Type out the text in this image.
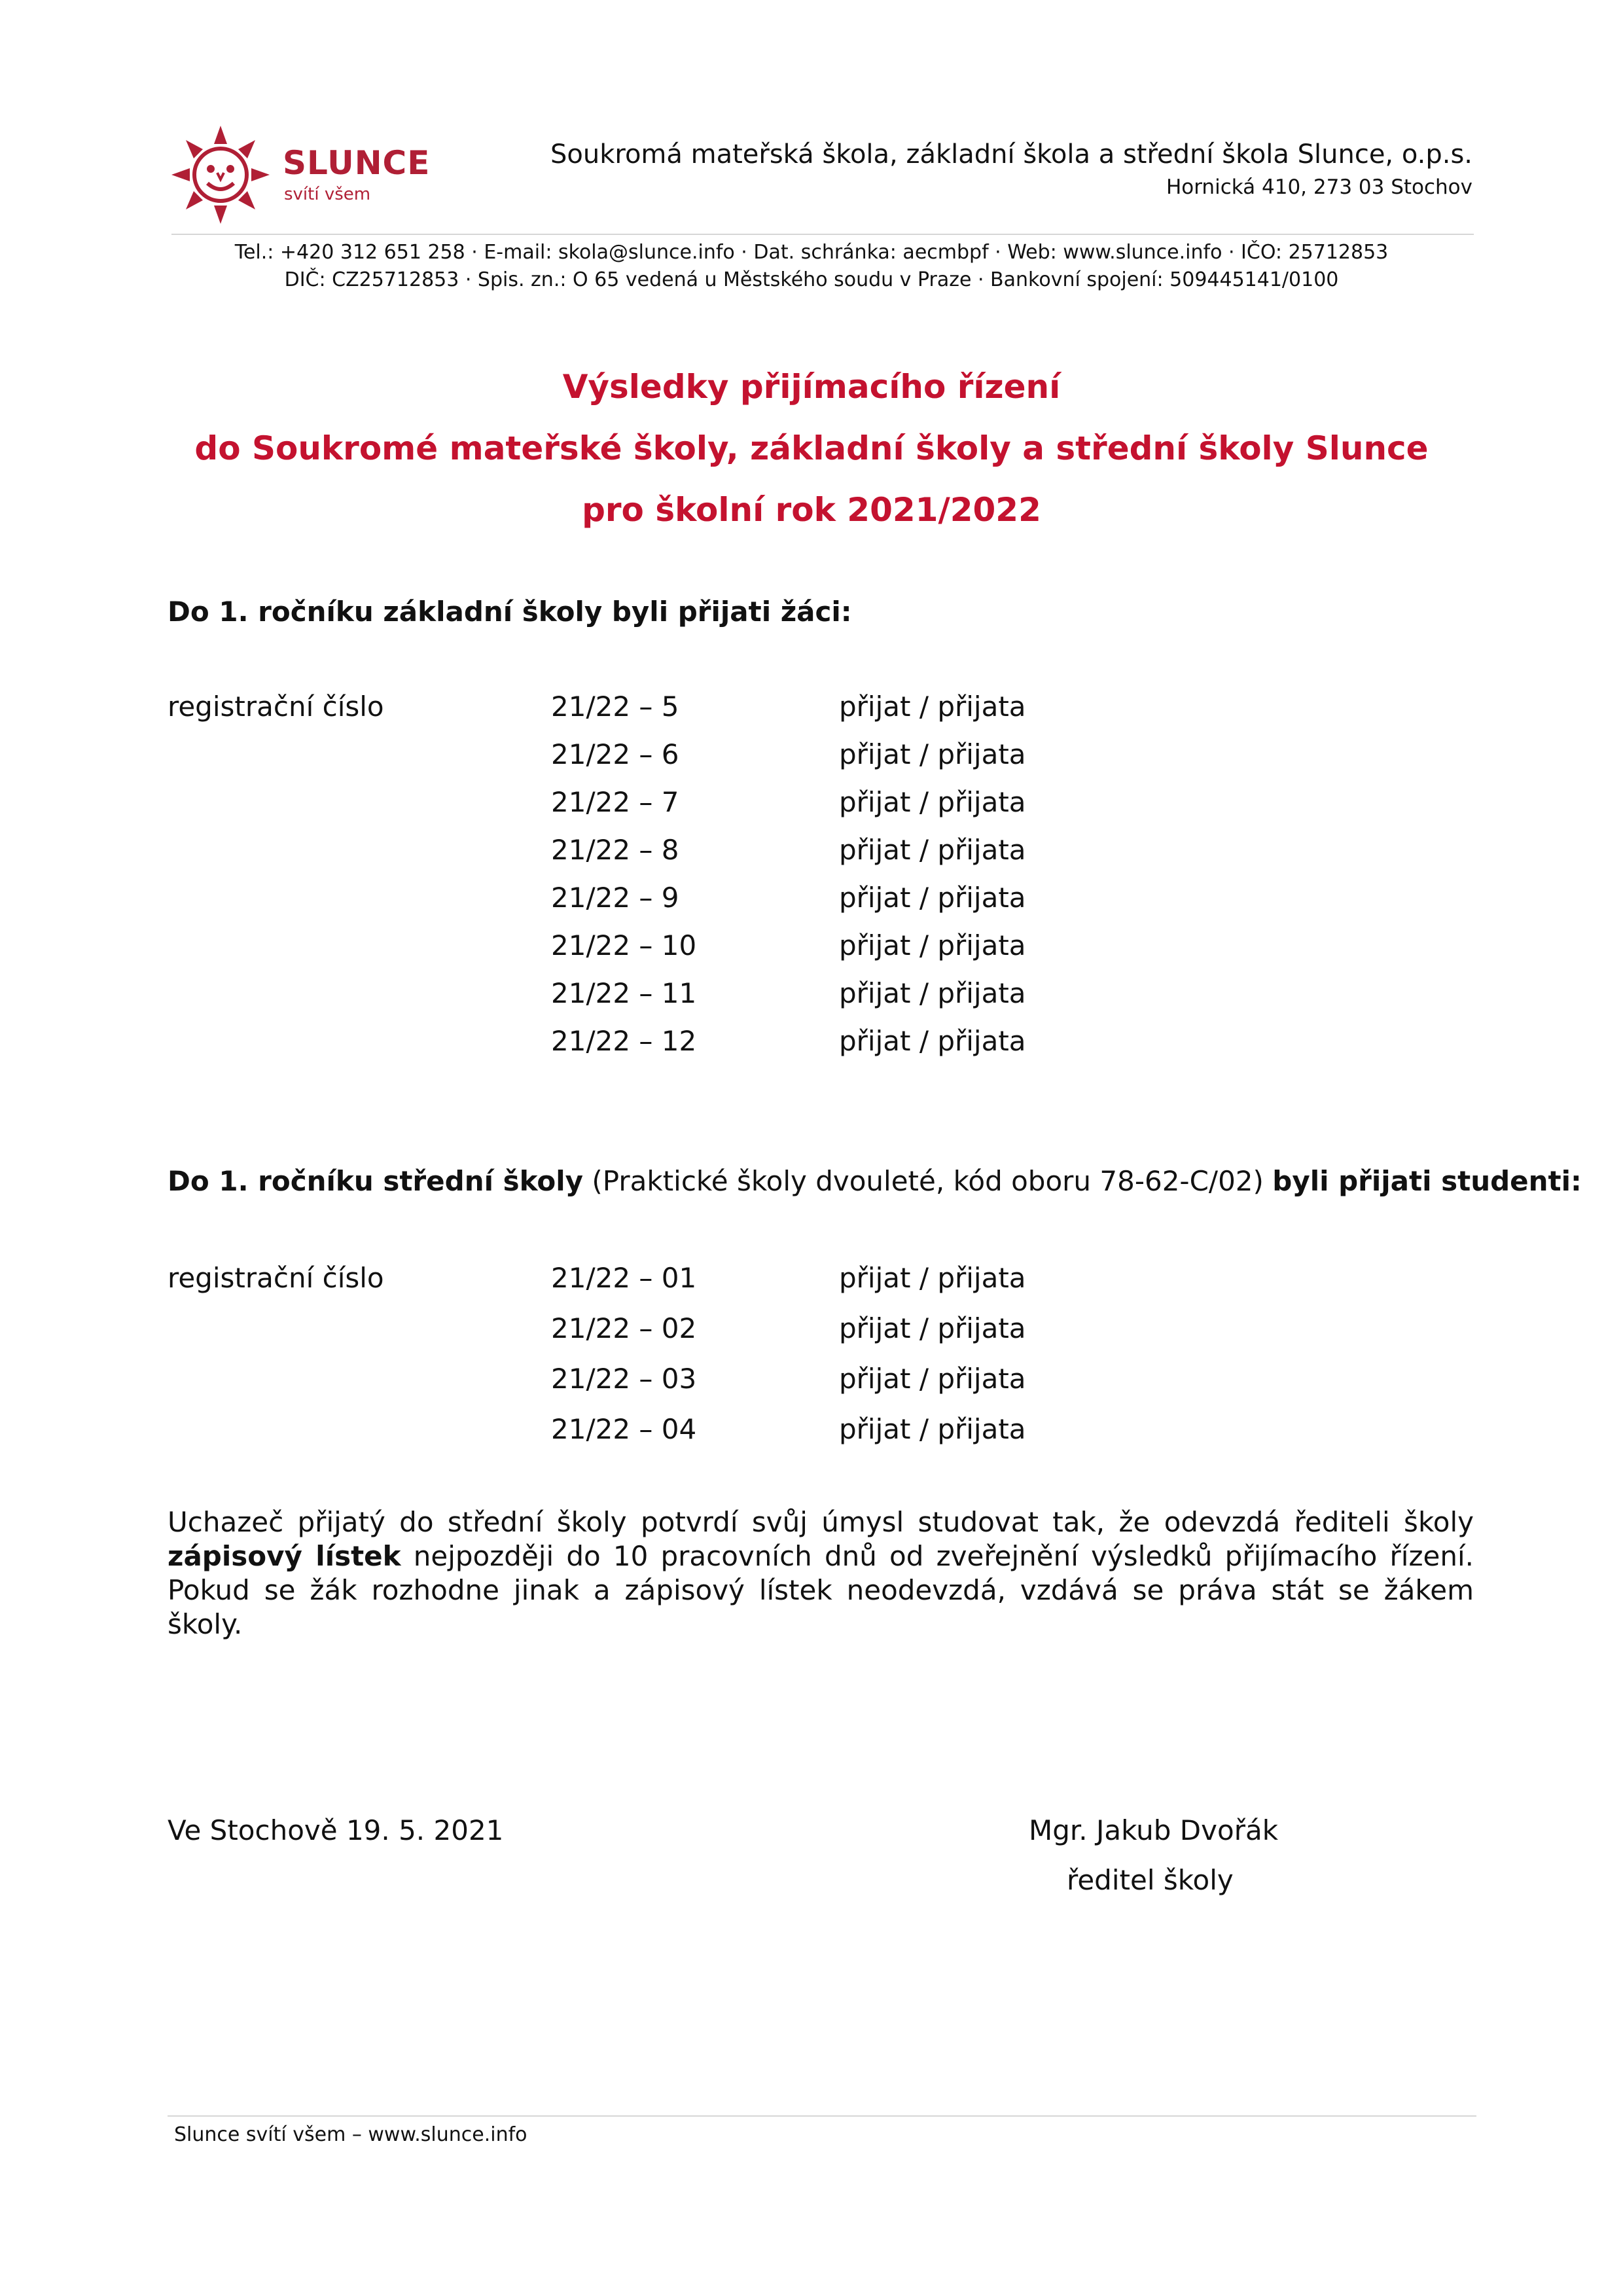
SLUNCE
svítí všem
Soukromá mateřská škola, základní škola a střední škola Slunce, o.p.s.
Hornická 410, 273 03 Stochov
Tel.: +420 312 651 258 · E-mail: skola@slunce.info · Dat. schránka: aecmbpf · Web: www.slunce.info · IČO: 25712853
DIČ: CZ25712853 · Spis. zn.: O 65 vedená u Městského soudu v Praze · Bankovní spojení: 509445141/0100
Výsledky přijímacího řízení
do Soukromé mateřské školy, základní školy a střední školy Slunce
pro školní rok 2021/2022
Do 1. ročníku základní školy byli přijati žáci:
registrační číslo	21/22 – 5	přijat / přijata
21/22 – 6	přijat / přijata
21/22 – 7	přijat / přijata
21/22 – 8	přijat / přijata
21/22 – 9	přijat / přijata
21/22 – 10	přijat / přijata
21/22 – 11	přijat / přijata
21/22 – 12	přijat / přijata
Do 1. ročníku střední školy (Praktické školy dvouleté, kód oboru 78-62-C/02) byli přijati studenti:
registrační číslo	21/22 – 01	přijat / přijata
21/22 – 02	přijat / přijata
21/22 – 03	přijat / přijata
21/22 – 04	přijat / přijata
Uchazeč přijatý do střední školy potvrdí svůj úmysl studovat tak, že odevzdá řediteli školy zápisový lístek nejpozději do 10 pracovních dnů od zveřejnění výsledků přijímacího řízení. Pokud se žák rozhodne jinak a zápisový lístek neodevzdá, vzdává se práva stát se žákem školy.
Ve Stochově 19. 5. 2021	Mgr. Jakub Dvořák
ředitel školy
Slunce svítí všem – www.slunce.info
